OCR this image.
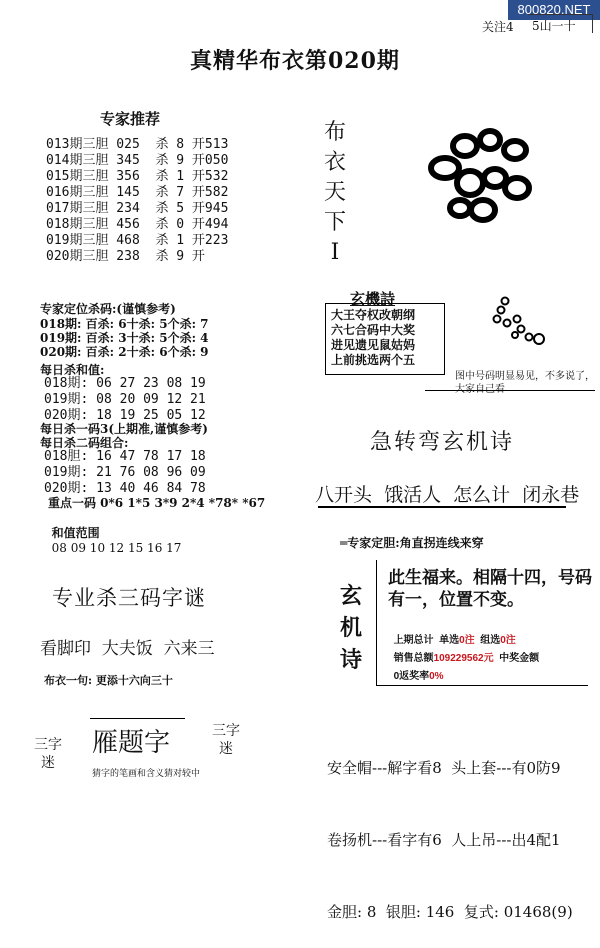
800820.NET
关注4	5山一十
真精华布衣第020期
专家推荐
013期三胆 025  杀 8 开513
014期三胆 345  杀 9 开050
015期三胆 356  杀 1 开532
016期三胆 145  杀 7 开582
017期三胆 234  杀 5 开945
018期三胆 456  杀 0 开494
019期三胆 468  杀 1 开223
020期三胆 238  杀 9 开
专家定位杀码:(谨慎参考)
018期: 百杀: 6十杀: 5个杀: 7
019期: 百杀: 3十杀: 5个杀: 4
020期: 百杀: 2十杀: 6个杀: 9
每日杀和值:
018期: 06 27 23 08 19
019期: 08 20 09 12 21
020期: 18 19 25 05 12
每日杀一码3(上期准,谨慎参考)
每日杀二码组合:
018胆: 16 47 78 17 18
019期: 21 76 08 96 09
020期: 13 40 46 84 78
重点一码 0*6 1*5 3*9 2*4 *78* *67

和值范围
08 09 10 12 15 16 17

布衣天下Ⅰ
玄機詩
大王夺权改朝纲
六七合码中大奖
进见遗见鼠姑妈
上前挑选两个五
图中号码明显易见，不多说了，
急转弯玄机诗
八开头  饿活人  怎么计  闭永巷
═专家定胆:角直拐连线来穿
玄机诗
此生福来。相隔十四，号码有一，位置不变。

上期总计  单选0注  组选0注

销售总额109229562元  中奖金额

0返奖率0%

安全帽---解字看8  头上套---有0防9

卷扬机---看字有6  人上吊---出4配1

金胆: 8  银胆: 146  复式: 01468(9)

专业杀三码字谜
看脚印  大夫饭  六来三
布衣一句: 更添十六向三十
雁题字
三字迷
三字迷
猜字的笔画和含义猜对较中
